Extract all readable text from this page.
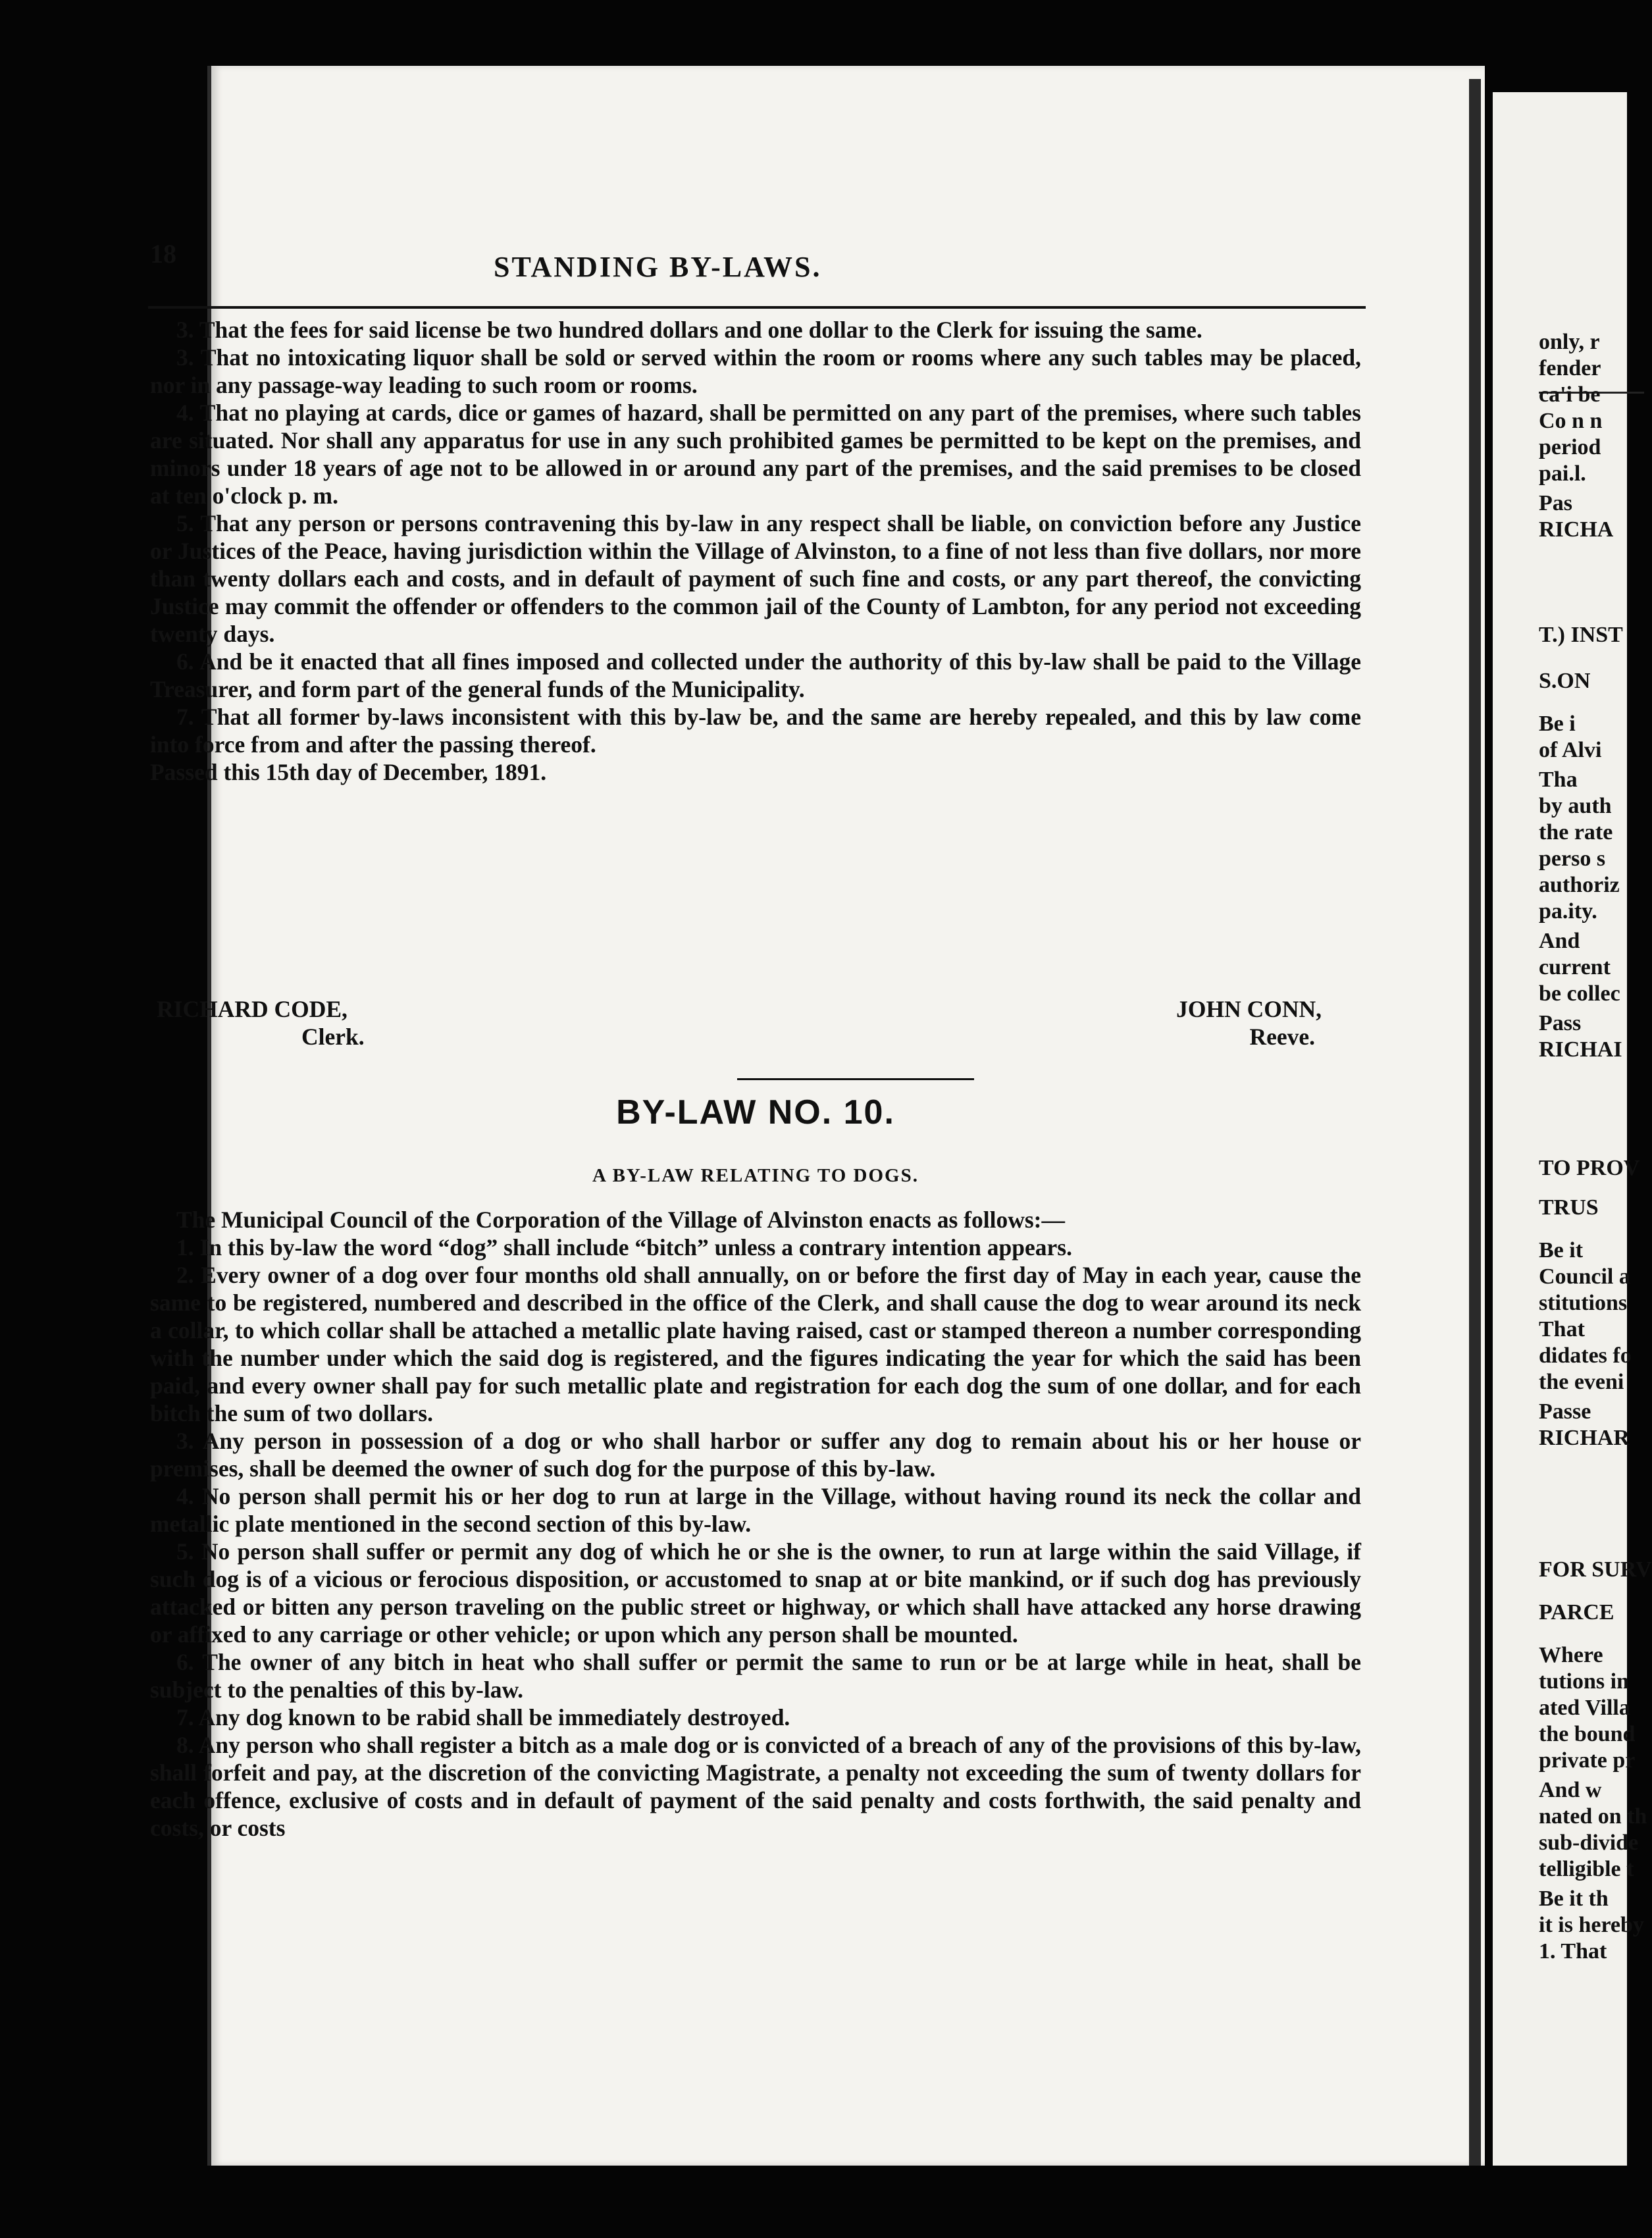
only, r
fender
ca'i be
Co n n
period
pai.l.
Pas
RICHA
T.) INST
S.ON
Be i
of Alvi
Tha
by auth
the rate
perso s
authoriz
pa.ity.
And
current
be collec
Pass
RICHAI
TO PROV
TRUS
Be it
Council a
stitutions
That
didates fo
the eveni
Passe
RICHAR
FOR SURV
PARCE
Where
tutions in
ated Villa
the bound
private pr
And w
nated on th
sub-divide
telligible t
Be it th
it is hereby
1. That
18	STANDING BY-LAWS.

3. That the fees for said license be two hundred dollars and one dollar to the Clerk for issuing the same.

3. That no intoxicating liquor shall be sold or served within the room or rooms where any such tables may be placed, nor in any passage-way leading to such room or rooms.

4. That no playing at cards, dice or games of hazard, shall be permitted on any part of the premises, where such tables are situated. Nor shall any apparatus for use in any such prohibited games be permitted to be kept on the premises, and minors under 18 years of age not to be allowed in or around any part of the premises, and the said premises to be closed at ten o'clock p. m.

5. That any person or persons contravening this by-law in any respect shall be liable, on conviction before any Justice or Justices of the Peace, having jurisdiction within the Village of Alvinston, to a fine of not less than five dollars, nor more than twenty dollars each and costs, and in default of payment of such fine and costs, or any part thereof, the convicting Justice may commit the offender or offenders to the common jail of the County of Lambton, for any period not exceeding twenty days.

6. And be it enacted that all fines imposed and collected under the authority of this by-law shall be paid to the Village Treasurer, and form part of the general funds of the Municipality.

7. That all former by-laws inconsistent with this by-law be, and the same are hereby repealed, and this by law come into force from and after the passing thereof.

Passed this 15th day of December, 1891.

RICHARD CODE,
Clerk.
JOHN CONN,
Reeve.
BY-LAW NO. 10.
A BY-LAW RELATING TO DOGS.

The Municipal Council of the Corporation of the Village of Alvinston enacts as follows:—

1. In this by-law the word “dog” shall include “bitch” unless a contrary intention appears.

2. Every owner of a dog over four months old shall annually, on or before the first day of May in each year, cause the same to be registered, numbered and described in the office of the Clerk, and shall cause the dog to wear around its neck a collar, to which collar shall be attached a metallic plate having raised, cast or stamped thereon a number corresponding with the number under which the said dog is registered, and the figures indicating the year for which the said has been paid, and every owner shall pay for such metallic plate and registration for each dog the sum of one dollar, and for each bitch the sum of two dollars.

3. Any person in possession of a dog or who shall harbor or suffer any dog to remain about his or her house or premises, shall be deemed the owner of such dog for the purpose of this by-law.

4. No person shall permit his or her dog to run at large in the Village, without having round its neck the collar and metallic plate mentioned in the second section of this by-law.

5. No person shall suffer or permit any dog of which he or she is the owner, to run at large within the said Village, if such dog is of a vicious or ferocious disposition, or accustomed to snap at or bite mankind, or if such dog has previously attacked or bitten any person traveling on the public street or highway, or which shall have attacked any horse drawing or affixed to any carriage or other vehicle; or upon which any person shall be mounted.

6. The owner of any bitch in heat who shall suffer or permit the same to run or be at large while in heat, shall be subject to the penalties of this by-law.

7. Any dog known to be rabid shall be immediately destroyed.

8. Any person who shall register a bitch as a male dog or is convicted of a breach of any of the provisions of this by-law, shall forfeit and pay, at the discretion of the convicting Magistrate, a penalty not exceeding the sum of twenty dollars for each offence, exclusive of costs and in default of payment of the said penalty and costs forthwith, the said penalty and costs, or costs
